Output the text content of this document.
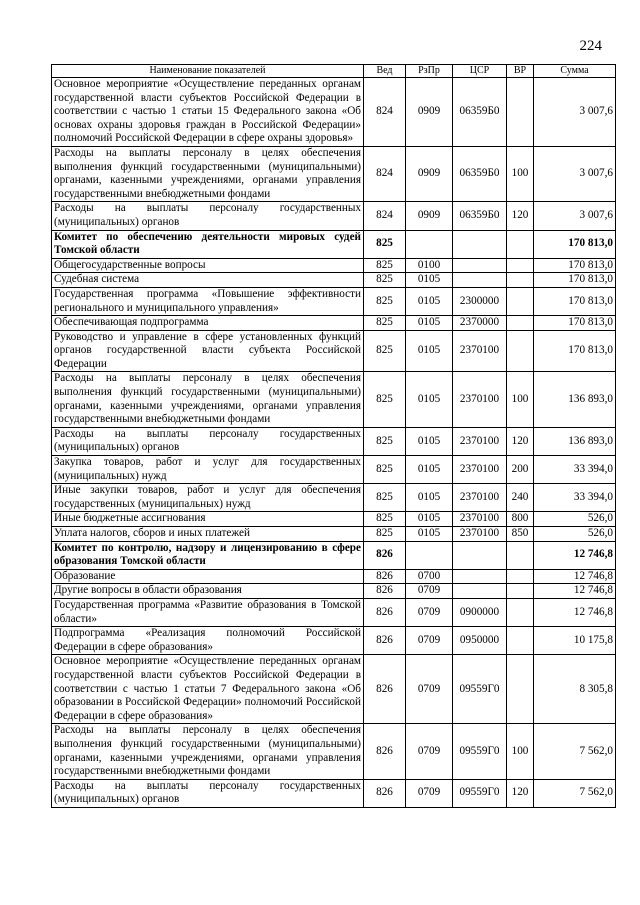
224
Наименование показателей	Вед	РзПр	ЦСР	ВР	Сумма
Основное мероприятие «Осуществление переданных органам государственной власти субъектов Российской Федерации в соответствии с частью 1 статьи 15 Федерального закона «Об основах охраны здоровья граждан в Российской Федерации» полномочий Российской Федерации в сфере охраны здоровья»	824	0909	06359Б0		3 007,6
Расходы на выплаты персоналу в целях обеспечения выполнения функций государственными (муниципальными) органами, казенными учреждениями, органами управления государственными внебюджетными фондами	824	0909	06359Б0	100	3 007,6
Расходы на выплаты персоналу государственных (муниципальных) органов	824	0909	06359Б0	120	3 007,6
Комитет по обеспечению деятельности мировых судей Томской области	825				170 813,0
Общегосударственные вопросы	825	0100			170 813,0
Судебная система	825	0105			170 813,0
Государственная программа «Повышение эффективности регионального и муниципального управления»	825	0105	2300000		170 813,0
Обеспечивающая подпрограмма	825	0105	2370000		170 813,0
Руководство и управление в сфере установленных функций органов государственной власти субъекта Российской Федерации	825	0105	2370100		170 813,0
Расходы на выплаты персоналу в целях обеспечения выполнения функций государственными (муниципальными) органами, казенными учреждениями, органами управления государственными внебюджетными фондами	825	0105	2370100	100	136 893,0
Расходы на выплаты персоналу государственных (муниципальных) органов	825	0105	2370100	120	136 893,0
Закупка товаров, работ и услуг для государственных (муниципальных) нужд	825	0105	2370100	200	33 394,0
Иные закупки товаров, работ и услуг для обеспечения государственных (муниципальных) нужд	825	0105	2370100	240	33 394,0
Иные бюджетные ассигнования	825	0105	2370100	800	526,0
Уплата налогов, сборов и иных платежей	825	0105	2370100	850	526,0
Комитет по контролю, надзору и лицензированию в сфере образования Томской области	826				12 746,8
Образование	826	0700			12 746,8
Другие вопросы в области образования	826	0709			12 746,8
Государственная программа «Развитие образования в Томской области»	826	0709	0900000		12 746,8
Подпрограмма «Реализация полномочий Российской Федерации в сфере образования»	826	0709	0950000		10 175,8
Основное мероприятие «Осуществление переданных органам государственной власти субъектов Российской Федерации в соответствии с частью 1 статьи 7 Федерального закона «Об образовании в Российской Федерации» полномочий Российской Федерации в сфере образования»	826	0709	09559Г0		8 305,8
Расходы на выплаты персоналу в целях обеспечения выполнения функций государственными (муниципальными) органами, казенными учреждениями, органами управления государственными внебюджетными фондами	826	0709	09559Г0	100	7 562,0
Расходы на выплаты персоналу государственных (муниципальных) органов	826	0709	09559Г0	120	7 562,0
